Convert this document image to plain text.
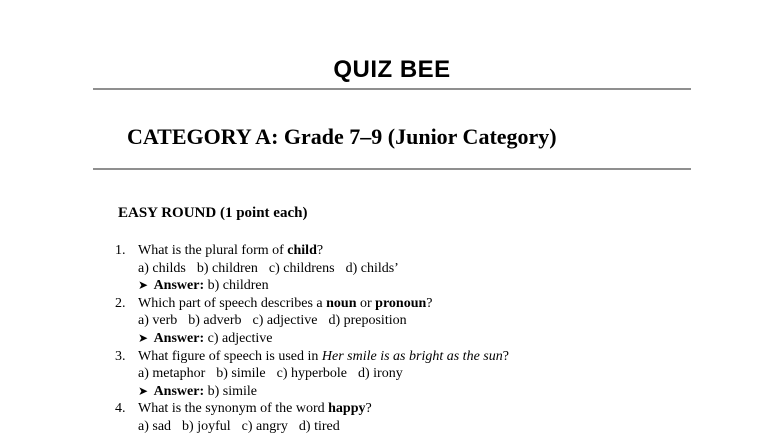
QUIZ BEE
CATEGORY A: Grade 7–9 (Junior Category)
EASY ROUND (1 point each)
1. What is the plural form of child?
a) childs b) children c) childrens d) childs’
➤ Answer: b) children
2. Which part of speech describes a noun or pronoun?
a) verb b) adverb c) adjective d) preposition
➤ Answer: c) adjective
3. What figure of speech is used in Her smile is as bright as the sun?
a) metaphor b) simile c) hyperbole d) irony
➤ Answer: b) simile
4. What is the synonym of the word happy?
a) sad b) joyful c) angry d) tired
